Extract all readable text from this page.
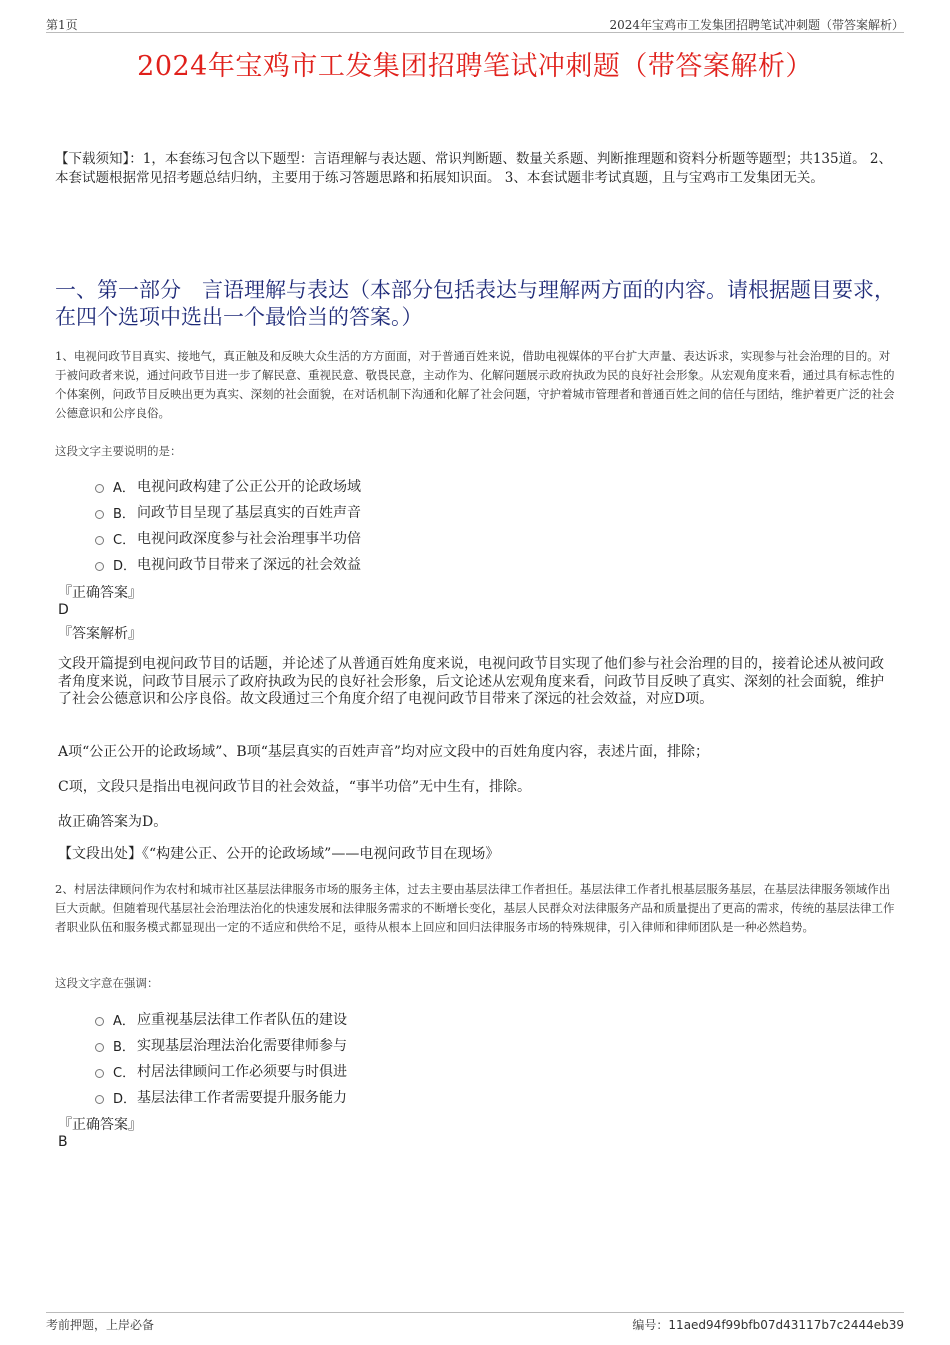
第1页	2024年宝鸡市工发集团招聘笔试冲刺题（带答案解析）
2024年宝鸡市工发集团招聘笔试冲刺题（带答案解析）
【下载须知】：1，本套练习包含以下题型：言语理解与表达题、常识判断题、数量关系题、判断推理题和资料分析题等题型；共135道。 2、本套试题根据常见招考题总结归纳，主要用于练习答题思路和拓展知识面。 3、本套试题非考试真题，且与宝鸡市工发集团无关。
一、第一部分　言语理解与表达（本部分包括表达与理解两方面的内容。请根据题目要求，在四个选项中选出一个最恰当的答案。）
1、电视问政节目真实、接地气，真正触及和反映大众生活的方方面面，对于普通百姓来说，借助电视媒体的平台扩大声量、表达诉求，实现参与社会治理的目的。对于被问政者来说，通过问政节目进一步了解民意、重视民意、敬畏民意，主动作为、化解问题展示政府执政为民的良好社会形象。从宏观角度来看，通过具有标志性的个体案例，问政节目反映出更为真实、深刻的社会面貌，在对话机制下沟通和化解了社会问题，守护着城市管理者和普通百姓之间的信任与团结，维护着更广泛的社会公德意识和公序良俗。
这段文字主要说明的是：
A． 电视问政构建了公正公开的论政场域
B． 问政节目呈现了基层真实的百姓声音
C． 电视问政深度参与社会治理事半功倍
D． 电视问政节目带来了深远的社会效益
『正确答案』
D
『答案解析』
文段开篇提到电视问政节目的话题，并论述了从普通百姓角度来说，电视问政节目实现了他们参与社会治理的目的，接着论述从被问政者角度来说，问政节目展示了政府执政为民的良好社会形象，后文论述从宏观角度来看，问政节目反映了真实、深刻的社会面貌，维护了社会公德意识和公序良俗。故文段通过三个角度介绍了电视问政节目带来了深远的社会效益，对应D项。
A项“公正公开的论政场域”、B项“基层真实的百姓声音”均对应文段中的百姓角度内容，表述片面，排除；
C项，文段只是指出电视问政节目的社会效益，“事半功倍”无中生有，排除。
故正确答案为D。
【文段出处】《“构建公正、公开的论政场域”——电视问政节目在现场》
2、村居法律顾问作为农村和城市社区基层法律服务市场的服务主体，过去主要由基层法律工作者担任。基层法律工作者扎根基层服务基层，在基层法律服务领域作出巨大贡献。但随着现代基层社会治理法治化的快速发展和法律服务需求的不断增长变化，基层人民群众对法律服务产品和质量提出了更高的需求，传统的基层法律工作者职业队伍和服务模式都显现出一定的不适应和供给不足，亟待从根本上回应和回归法律服务市场的特殊规律，引入律师和律师团队是一种必然趋势。
这段文字意在强调：
A． 应重视基层法律工作者队伍的建设
B． 实现基层治理法治化需要律师参与
C． 村居法律顾问工作必须要与时俱进
D． 基层法律工作者需要提升服务能力
『正确答案』
B
考前押题，上岸必备	编号：11aed94f99bfb07d43117b7c2444eb39
